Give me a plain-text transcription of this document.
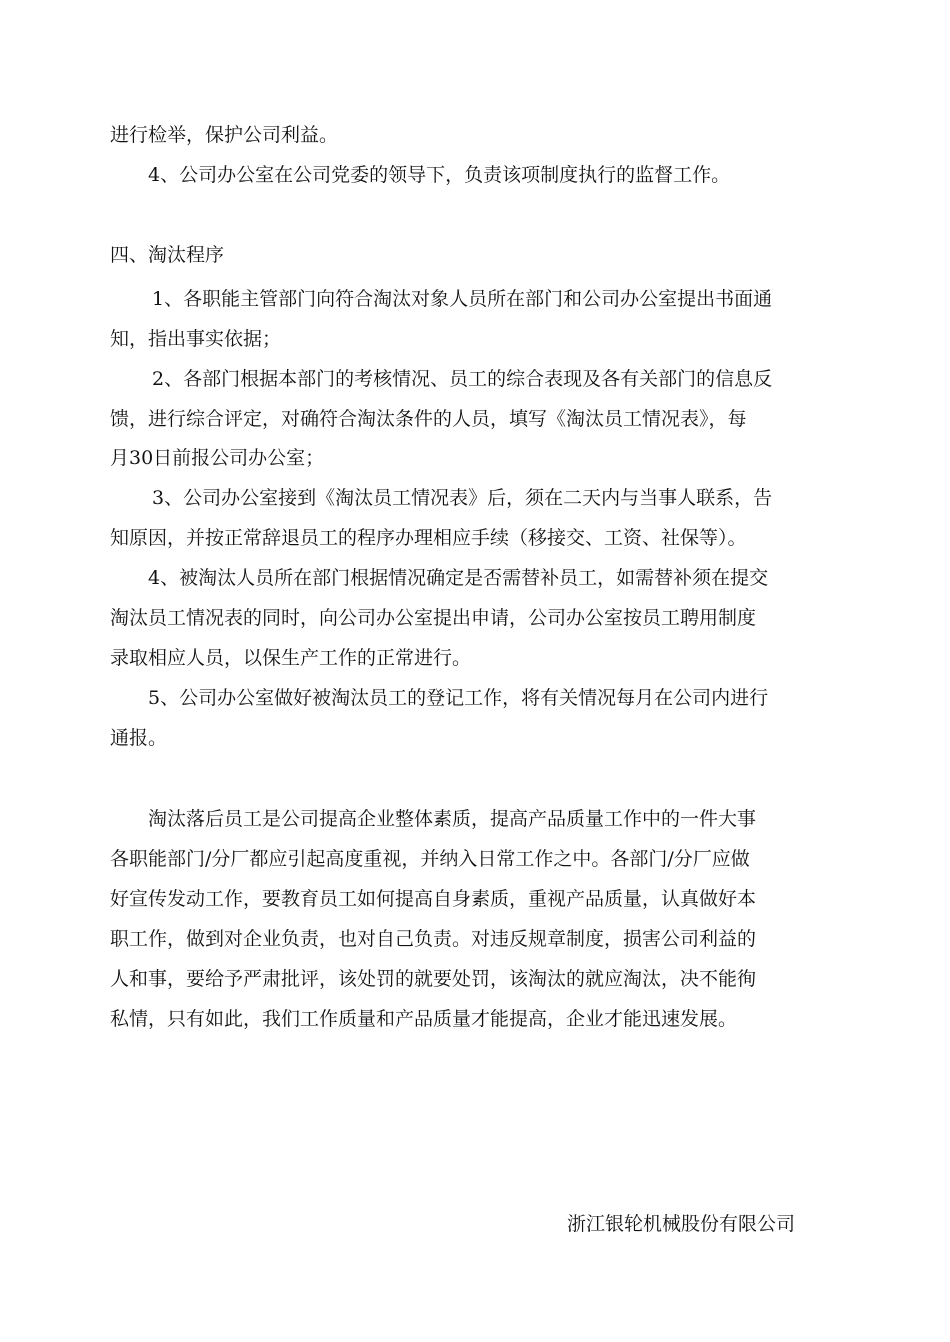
进行检举，保护公司利益。

4、公司办公室在公司党委的领导下，负责该项制度执行的监督工作。

四、淘汰程序

1、各职能主管部门向符合淘汰对象人员所在部门和公司办公室提出书面通

知，指出事实依据；

2、各部门根据本部门的考核情况、员工的综合表现及各有关部门的信息反

馈，进行综合评定，对确符合淘汰条件的人员，填写《淘汰员工情况表》，每

月30日前报公司办公室；

3、公司办公室接到《淘汰员工情况表》后，须在二天内与当事人联系，告

知原因，并按正常辞退员工的程序办理相应手续（移接交、工资、社保等）。

4、被淘汰人员所在部门根据情况确定是否需替补员工，如需替补须在提交

淘汰员工情况表的同时，向公司办公室提出申请，公司办公室按员工聘用制度

录取相应人员，以保生产工作的正常进行。

5、公司办公室做好被淘汰员工的登记工作，将有关情况每月在公司内进行

通报。

淘汰落后员工是公司提高企业整体素质，提高产品质量工作中的一件大事

各职能部门/分厂都应引起高度重视，并纳入日常工作之中。各部门/分厂应做

好宣传发动工作，要教育员工如何提高自身素质，重视产品质量，认真做好本

职工作，做到对企业负责，也对自己负责。对违反规章制度，损害公司利益的

人和事，要给予严肃批评，该处罚的就要处罚，该淘汰的就应淘汰，决不能徇

私情，只有如此，我们工作质量和产品质量才能提高，企业才能迅速发展。

浙江银轮机械股份有限公司
